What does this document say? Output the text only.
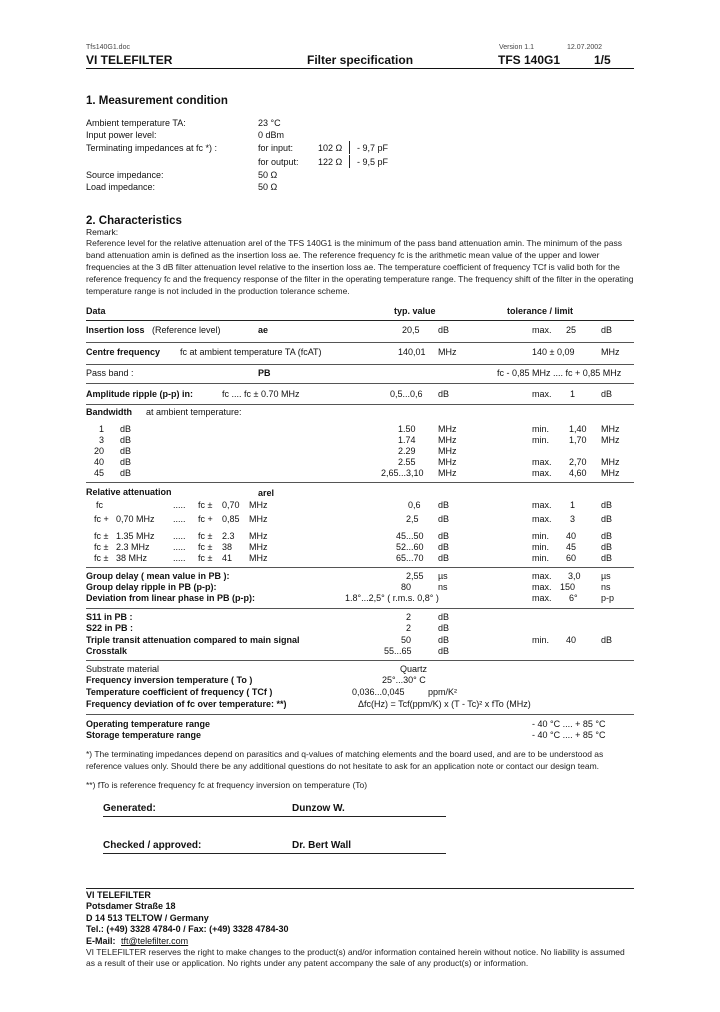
Tfs140G1.doc	Version 1.1	12.07.2002
VI TELEFILTER	Filter specification	TFS 140G1	1/5
1. Measurement condition
Ambient temperature TA:	23 °C
Input power level:	0 dBm
Terminating impedances at fc *) :	for input:	102 Ω - 9,7 pF
for output: 122 Ω - 9,5 pF
Source impedance:	50 Ω
Load impedance:	50 Ω
2. Characteristics
Remark:
Reference level for the relative attenuation arel of the TFS 140G1 is the minimum of the pass band attenuation amin. The minimum of the pass
band attenuation amin is defined as the insertion loss ae. The reference frequency fc is the arithmetic mean value of the upper and lower
frequencies at the 3 dB filter attenuation level relative to the insertion loss ae. The temperature coefficient of frequency TCf is valid both for the
reference frequency fc and the frequency response of the filter in the operating temperature range. The frequency shift of the filter in the operating
temperature range is not included in the production tolerance scheme.
Data	typ. value	tolerance / limit
Insertion loss (Reference level)	ae	20,5 dB	max. 25	dB
Centre frequency fc at ambient temperature TA (fcAT)	140,01 MHz	140 ± 0,09	MHz
Pass band :	PB	fc - 0,85 MHz .... fc + 0,85 MHz
Amplitude ripple (p-p) in:	fc .... fc ± 0.70 MHz	0,5...0,6 dB	max. 1	dB
Bandwidth at ambient temperature:
1 dB	1.50 MHz	min. 1,40 MHz
3 dB	1.74 MHz	min. 1,70 MHz
20 dB	2.29 MHz
40 dB	2.55 MHz	max. 2,70 MHz
45 dB	2,65...3,10 MHz	max. 4,60 MHz
Relative attenuation	arel
fc	..... fc ± 0,70 MHz	0,6 dB	max. 1	dB
fc + 0,70 MHz ..... fc + 0,85 MHz	2,5 dB	max. 3	dB
fc ± 1.35 MHz ..... fc ± 2.3 MHz	45...50 dB	min. 40	dB
fc ± 2.3 MHz	..... fc ± 38 MHz	52...60 dB	min. 45	dB
fc ± 38 MHz	..... fc ± 41 MHz	65...70 dB	min. 60	dB
Group delay ( mean value in PB ):	2,55 µs	max. 3,0 µs
Group delay ripple in PB (p-p):	80	ns	max. 150	ns
Deviation from linear phase in PB (p-p):	1.8°...2,5° ( r.m.s. 0,8° )	max. 6°	p-p
S11 in PB :	2	dB
S22 in PB :	2	dB
Triple transit attenuation compared to main signal	50	dB	min. 40	dB
Crosstalk	55...65	dB
Substrate material	Quartz
Frequency inversion temperature ( To )	25°...30° C
Temperature coefficient of frequency ( TCf )	0,036...0,045	ppm/K²
Frequency deviation of fc over temperature: **)	Δfc(Hz) = Tcf(ppm/K) x (T - Tc)² x fTo (MHz)
Operating temperature range	- 40 °C .... + 85 °C
Storage temperature range	- 40 °C .... + 85 °C
*) The terminating impedances depend on parasitics and q-values of matching elements and the board used, and are to be understood as
reference values only. Should there be any additional questions do not hesitate to ask for an application note or contact our design team.
**) fTo is reference frequency fc at frequency inversion on temperature (To)
Generated:	Dunzow W.
Checked / approved:	Dr. Bert Wall
VI TELEFILTER
Potsdamer Straße 18
D 14 513 TELTOW / Germany
Tel.: (+49) 3328 4784-0 / Fax: (+49) 3328 4784-30
E-Mail: tft@telefilter.com
VI TELEFILTER reserves the right to make changes to the product(s) and/or information contained herein without notice. No liability is assumed
as a result of their use or application. No rights under any patent accompany the sale of any product(s) or information.
